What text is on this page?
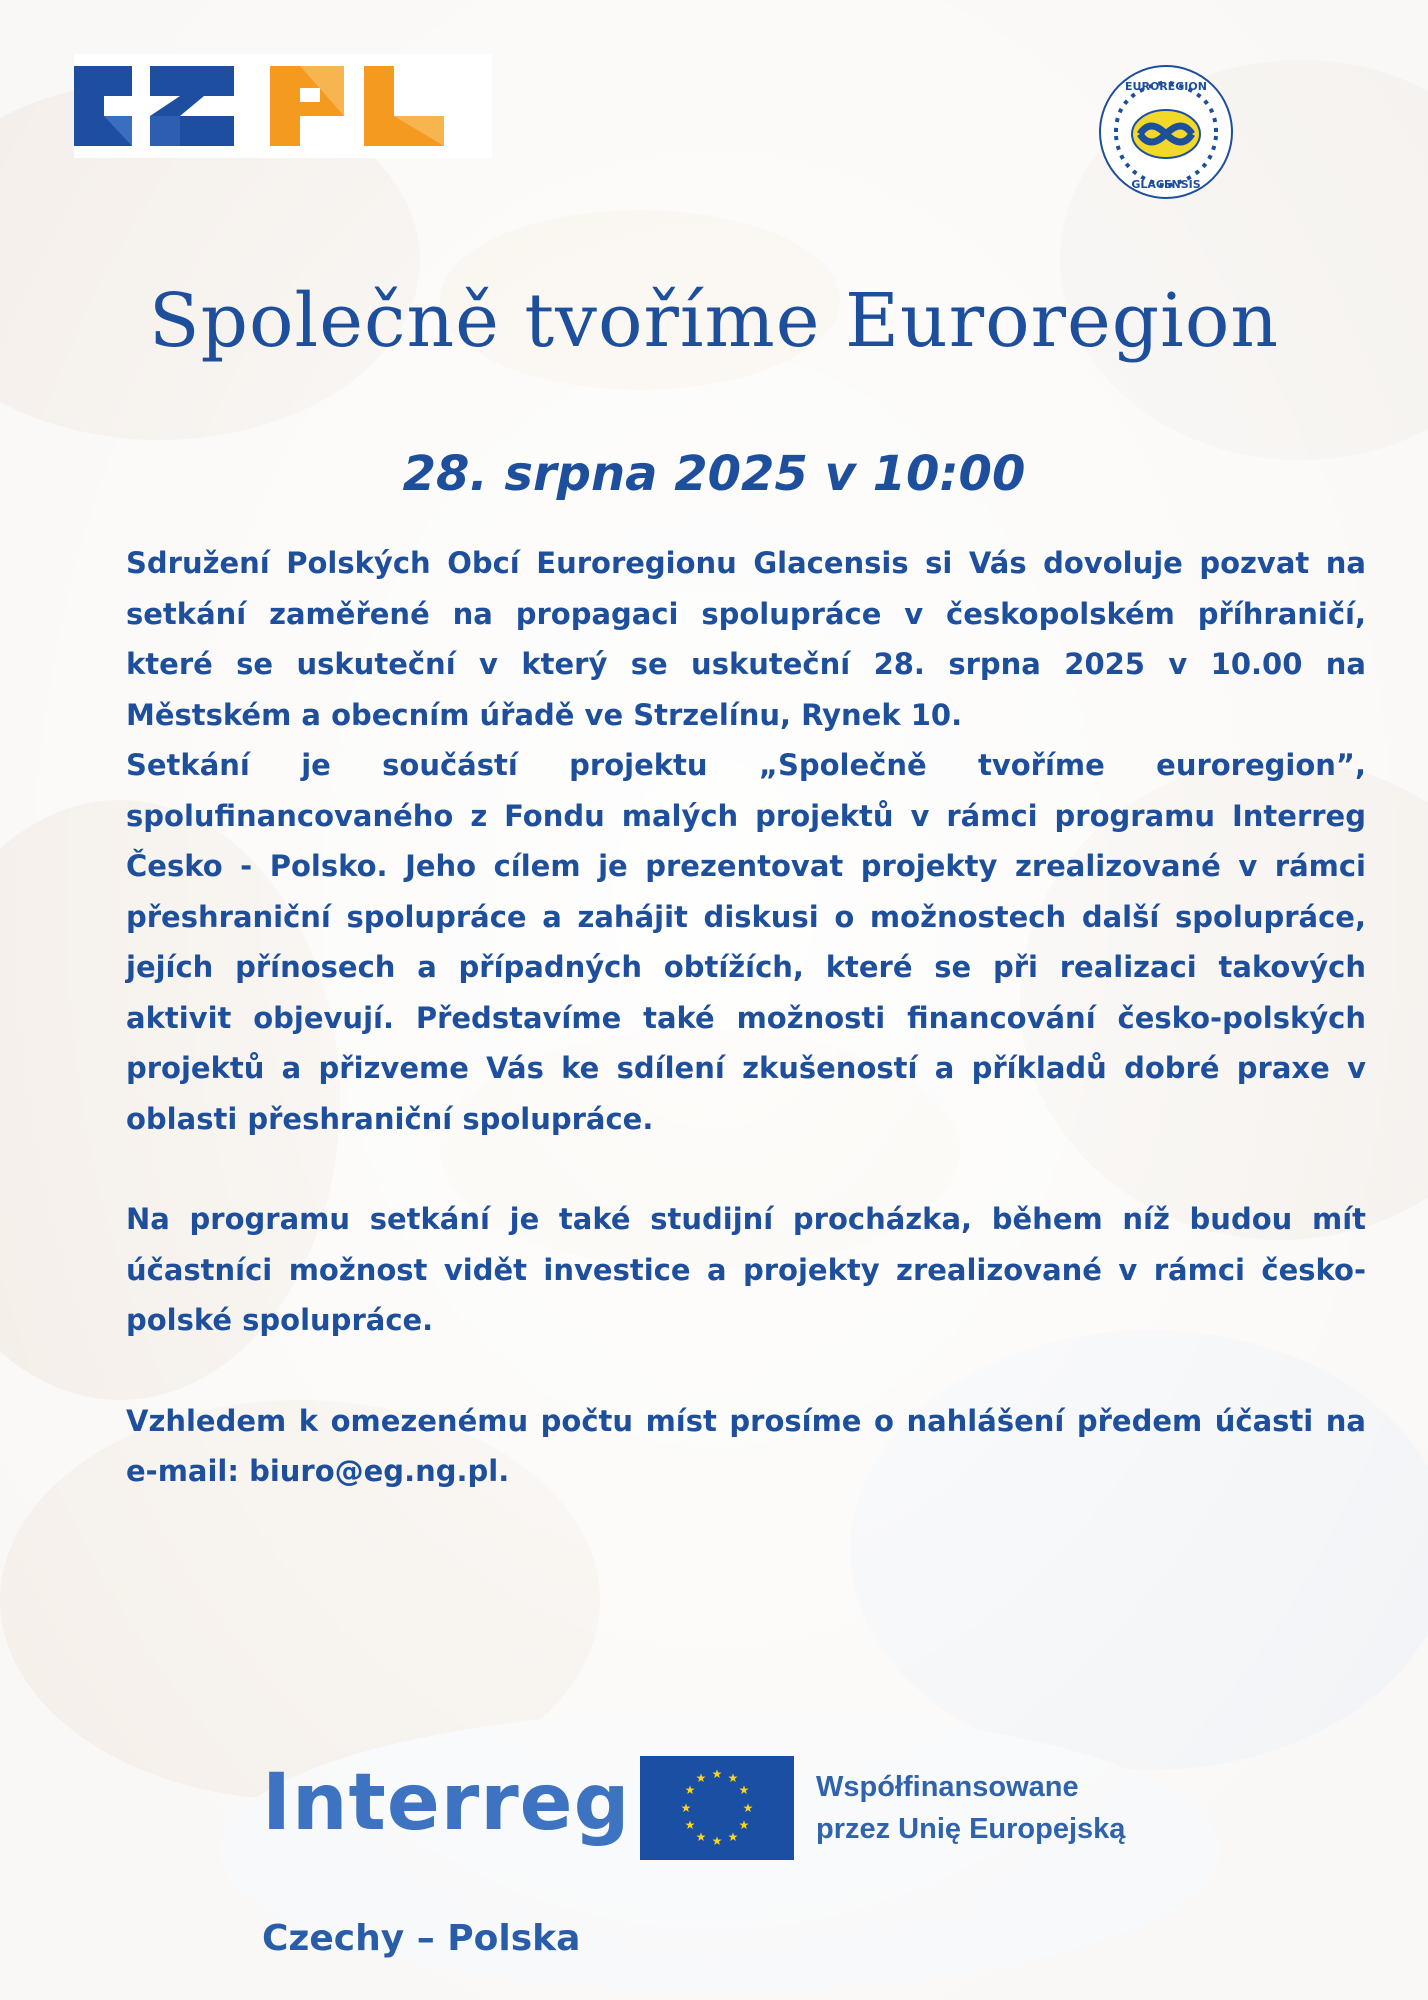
EUROREGION
GLACENSIS
Společně tvoříme Euroregion

28. srpna 2025 v 10:00

Sdružení Polských Obcí Euroregionu Glacensis si Vás dovoluje pozvat na setkání zaměřené na propagaci spolupráce v českopolském příhraničí, které se uskuteční v který se uskuteční 28. srpna 2025 v 10.00 na Městském a obecním úřadě ve Strzelínu, Rynek 10.

Setkání je součástí projektu „Společně tvoříme euroregion”, spolufinancovaného z Fondu malých projektů v rámci programu Interreg Česko - Polsko. Jeho cílem je prezentovat projekty zrealizované v rámci přeshraniční spolupráce a zahájit diskusi o možnostech další spolupráce, jejích přínosech a případných obtížích, které se při realizaci takových aktivit objevují. Představíme také možnosti financování česko-polských projektů a přizveme Vás ke sdílení zkušeností a příkladů dobré praxe v oblasti přeshraniční spolupráce.

Na programu setkání je také studijní procházka, během níž budou mít účastníci možnost vidět investice a projekty zrealizované v rámci česko-polské spolupráce.

Vzhledem k omezenému počtu míst prosíme o nahlášení předem účasti na e-mail: biuro@eg.ng.pl.

Interreg	★ ★
★
★
★
★
★
★
★
★
★
★	Współfinansowane
przez Unię Europejską
Czechy – Polska
